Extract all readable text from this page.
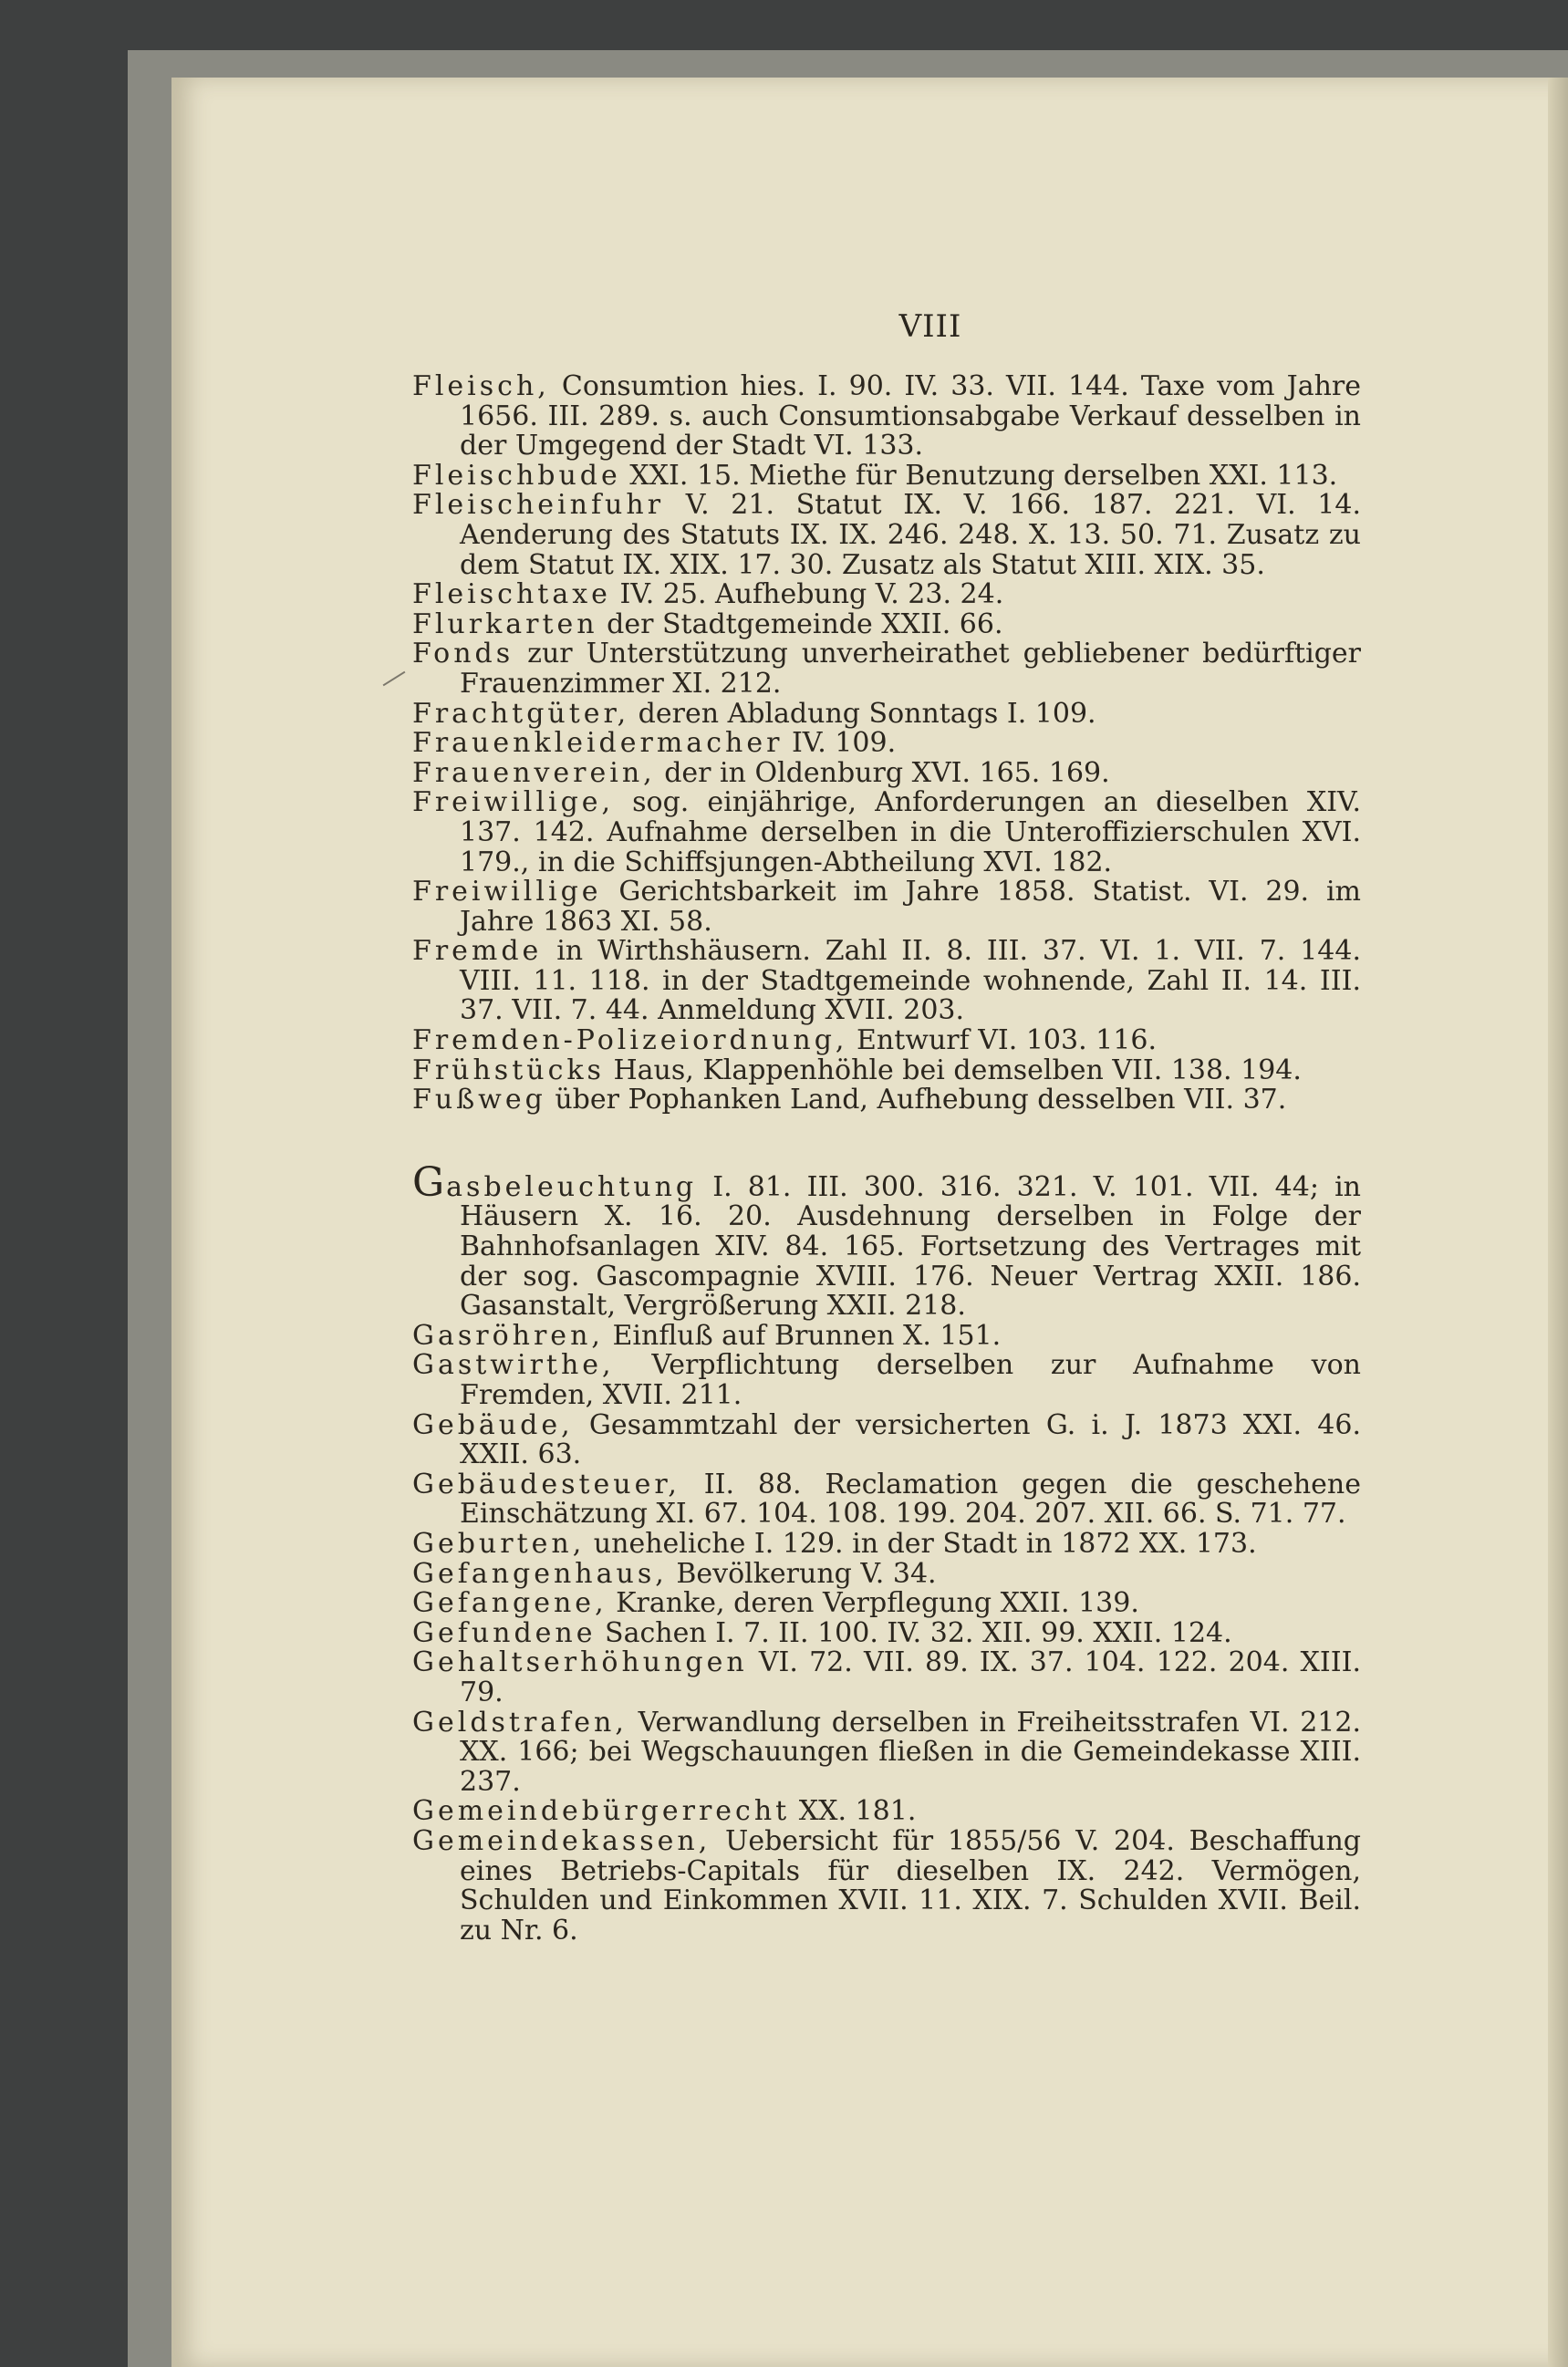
VIII

Fleisch, Consumtion hies. I. 90. IV. 33. VII. 144. Taxe vom Jahre 1656. III. 289. s. auch Consumtionsabgabe Verkauf desselben in der Umgegend der Stadt VI. 133.

Fleischbude XXI. 15. Miethe für Benutzung derselben XXI. 113.

Fleischeinfuhr V. 21. Statut IX. V. 166. 187. 221. VI. 14. Aenderung des Statuts IX. IX. 246. 248. X. 13. 50. 71. Zusatz zu dem Statut IX. XIX. 17. 30. Zusatz als Statut XIII. XIX. 35.

Fleischtaxe IV. 25. Aufhebung V. 23. 24.

Flurkarten der Stadtgemeinde XXII. 66.

Fonds zur Unterstützung unverheirathet gebliebener bedürftiger Frauenzimmer XI. 212.

Frachtgüter, deren Abladung Sonntags I. 109.

Frauenkleidermacher IV. 109.

Frauenverein, der in Oldenburg XVI. 165. 169.

Freiwillige, sog. einjährige, Anforderungen an dieselben XIV. 137. 142. Aufnahme derselben in die Unteroffizierschulen XVI. 179., in die Schiffsjungen-Abtheilung XVI. 182.

Freiwillige Gerichtsbarkeit im Jahre 1858. Statist. VI. 29. im Jahre 1863 XI. 58.

Fremde in Wirthshäusern. Zahl II. 8. III. 37. VI. 1. VII. 7. 144. VIII. 11. 118. in der Stadtgemeinde wohnende, Zahl II. 14. III. 37. VII. 7. 44. Anmeldung XVII. 203.

Fremden-Polizeiordnung, Entwurf VI. 103. 116.

Frühstücks Haus, Klappenhöhle bei demselben VII. 138. 194.

Fußweg über Pophanken Land, Aufhebung desselben VII. 37.

Gasbeleuchtung I. 81. III. 300. 316. 321. V. 101. VII. 44; in Häusern X. 16. 20. Ausdehnung derselben in Folge der Bahnhofsanlagen XIV. 84. 165. Fortsetzung des Vertrages mit der sog. Gascompagnie XVIII. 176. Neuer Vertrag XXII. 186. Gasanstalt, Vergrößerung XXII. 218.

Gasröhren, Einfluß auf Brunnen X. 151.

Gastwirthe, Verpflichtung derselben zur Aufnahme von Fremden, XVII. 211.

Gebäude, Gesammtzahl der versicherten G. i. J. 1873 XXI. 46. XXII. 63.

Gebäudesteuer, II. 88. Reclamation gegen die geschehene Einschätzung XI. 67. 104. 108. 199. 204. 207. XII. 66. S. 71. 77.

Geburten, uneheliche I. 129. in der Stadt in 1872 XX. 173.

Gefangenhaus, Bevölkerung V. 34.

Gefangene, Kranke, deren Verpflegung XXII. 139.

Gefundene Sachen I. 7. II. 100. IV. 32. XII. 99. XXII. 124.

Gehaltserhöhungen VI. 72. VII. 89. IX. 37. 104. 122. 204. XIII. 79.

Geldstrafen, Verwandlung derselben in Freiheitsstrafen VI. 212. XX. 166; bei Wegschauungen fließen in die Gemeindekasse XIII. 237.

Gemeindebürgerrecht XX. 181.

Gemeindekassen, Uebersicht für 1855/56 V. 204. Beschaffung eines Betriebs-Capitals für dieselben IX. 242. Vermögen, Schulden und Einkommen XVII. 11. XIX. 7. Schulden XVII. Beil. zu Nr. 6.
